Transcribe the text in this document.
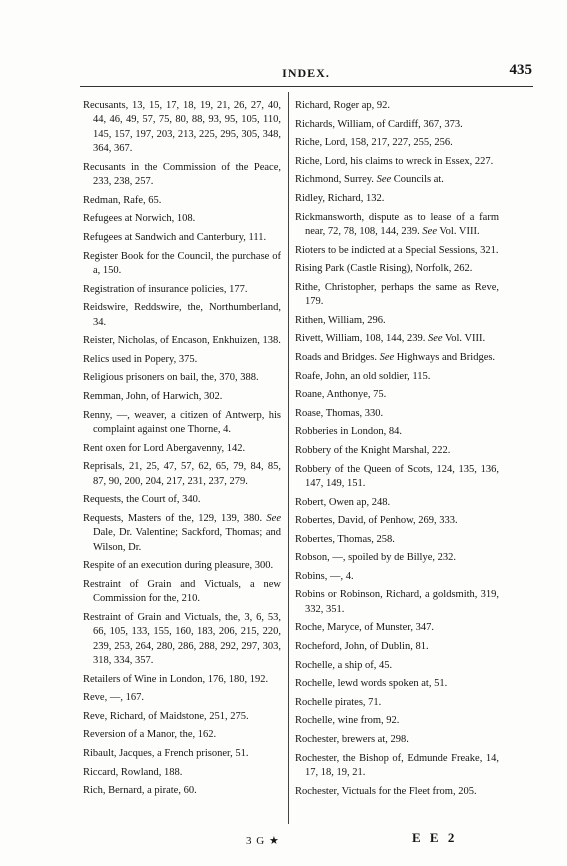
INDEX.	435
Recusants, 13, 15, 17, 18, 19, 21, 26, 27, 40, 44, 46, 49, 57, 75, 80, 88, 93, 95, 105, 110, 145, 157, 197, 203, 213, 225, 295, 305, 348, 364, 367.
Recusants in the Commission of the Peace, 233, 238, 257.
Redman, Rafe, 65.
Refugees at Norwich, 108.
Refugees at Sandwich and Canterbury, 111.
Register Book for the Council, the purchase of a, 150.
Registration of insurance policies, 177.
Reidswire, Reddswire, the, Northumberland, 34.
Reister, Nicholas, of Encason, Enkhuizen, 138.
Relics used in Popery, 375.
Religious prisoners on bail, the, 370, 388.
Remman, John, of Harwich, 302.
Renny, —, weaver, a citizen of Antwerp, his complaint against one Thorne, 4.
Rent oxen for Lord Abergavenny, 142.
Reprisals, 21, 25, 47, 57, 62, 65, 79, 84, 85, 87, 90, 200, 204, 217, 231, 237, 279.
Requests, the Court of, 340.
Requests, Masters of the, 129, 139, 380. See Dale, Dr. Valentine; Sackford, Thomas; and Wilson, Dr.
Respite of an execution during pleasure, 300.
Restraint of Grain and Victuals, a new Commission for the, 210.
Restraint of Grain and Victuals, the, 3, 6, 53, 66, 105, 133, 155, 160, 183, 206, 215, 220, 239, 253, 264, 280, 286, 288, 292, 297, 303, 318, 334, 357.
Retailers of Wine in London, 176, 180, 192.
Reve, —, 167.
Reve, Richard, of Maidstone, 251, 275.
Reversion of a Manor, the, 162.
Ribault, Jacques, a French prisoner, 51.
Riccard, Rowland, 188.
Rich, Bernard, a pirate, 60.
Richard, Roger ap, 92.
Richards, William, of Cardiff, 367, 373.
Riche, Lord, 158, 217, 227, 255, 256.
Riche, Lord, his claims to wreck in Essex, 227.
Richmond, Surrey. See Councils at.
Ridley, Richard, 132.
Rickmansworth, dispute as to lease of a farm near, 72, 78, 108, 144, 239. See Vol. VIII.
Rioters to be indicted at a Special Sessions, 321.
Rising Park (Castle Rising), Norfolk, 262.
Rithe, Christopher, perhaps the same as Reve, 179.
Rithen, William, 296.
Rivett, William, 108, 144, 239. See Vol. VIII.
Roads and Bridges. See Highways and Bridges.
Roafe, John, an old soldier, 115.
Roane, Anthonye, 75.
Roase, Thomas, 330.
Robberies in London, 84.
Robbery of the Knight Marshal, 222.
Robbery of the Queen of Scots, 124, 135, 136, 147, 149, 151.
Robert, Owen ap, 248.
Robertes, David, of Penhow, 269, 333.
Robertes, Thomas, 258.
Robson, —, spoiled by de Billye, 232.
Robins, —, 4.
Robins or Robinson, Richard, a goldsmith, 319, 332, 351.
Roche, Maryce, of Munster, 347.
Rocheford, John, of Dublin, 81.
Rochelle, a ship of, 45.
Rochelle, lewd words spoken at, 51.
Rochelle pirates, 71.
Rochelle, wine from, 92.
Rochester, brewers at, 298.
Rochester, the Bishop of, Edmunde Freake, 14, 17, 18, 19, 21.
Rochester, Victuals for the Fleet from, 205.
3 G ★	E E 2
